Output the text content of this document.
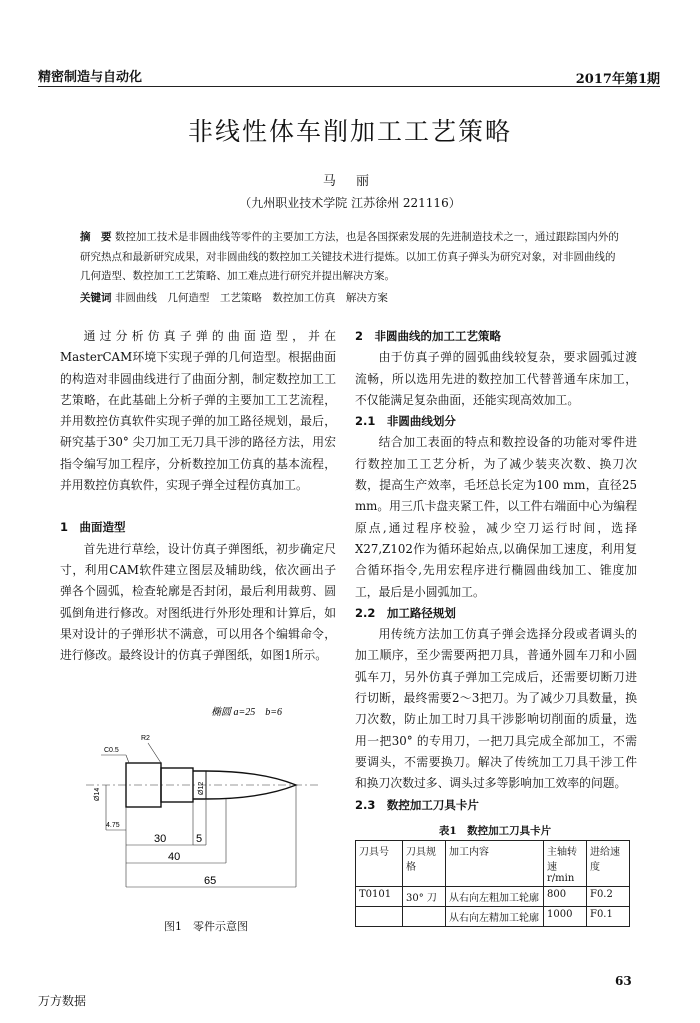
精密制造与自动化	2017年第1期
非线性体车削加工工艺策略
马 丽
（九州职业技术学院 江苏徐州 221116）
摘　要 数控加工技术是非圆曲线等零件的主要加工方法，也是各国探索发展的先进制造技术之一，通过跟踪国内外的研究热点和最新研究成果，对非圆曲线的数控加工关键技术进行提炼。以加工仿真子弹头为研究对象，对非圆曲线的几何造型、数控加工工艺策略、加工难点进行研究并提出解决方案。
关键词 非圆曲线　几何造型　工艺策略　数控加工仿真　解决方案

通过分析仿真子弹的曲面造型，并在MasterCAM环境下实现子弹的几何造型。根据曲面的构造对非圆曲线进行了曲面分割，制定数控加工工艺策略，在此基础上分析子弹的主要加工工艺流程，并用数控仿真软件实现子弹的加工路径规划，最后，研究基于30° 尖刀加工无刀具干涉的路径方法，用宏指令编写加工程序，分析数控加工仿真的基本流程，并用数控仿真软件，实现子弹全过程仿真加工。

1　曲面造型

首先进行草绘，设计仿真子弹图纸，初步确定尺寸，利用CAM软件建立图层及辅助线，依次画出子弹各个圆弧，检查轮廓是否封闭，最后利用裁剪、圆弧倒角进行修改。对图纸进行外形处理和计算后，如果对设计的子弹形状不满意，可以用各个编辑命令，进行修改。最终设计的仿真子弹图纸，如图1所示。

椭圆 a=25　b=6
C0.5
R2
Ø14	Ø12
4.75
30	5
40
65
图1　零件示意图

2　非圆曲线的加工工艺策略

由于仿真子弹的圆弧曲线较复杂，要求圆弧过渡流畅，所以选用先进的数控加工代替普通车床加工，不仅能满足复杂曲面，还能实现高效加工。

2.1　非圆曲线划分

结合加工表面的特点和数控设备的功能对零件进行数控加工工艺分析，为了减少装夹次数、换刀次数，提高生产效率，毛坯总长定为100 mm，直径25 mm。用三爪卡盘夹紧工件，以工件右端面中心为编程原点,通过程序校验，减少空刀运行时间，选择X27,Z102作为循环起始点,以确保加工速度，利用复合循环指令,先用宏程序进行椭圆曲线加工、锥度加工，最后是小圆弧加工。

2.2　加工路径规划

用传统方法加工仿真子弹会选择分段或者调头的加工顺序，至少需要两把刀具，普通外圆车刀和小圆弧车刀，另外仿真子弹加工完成后，还需要切断刀进行切断，最终需要2～3把刀。为了减少刀具数量，换刀次数，防止加工时刀具干涉影响切削面的质量，选用一把30° 的专用刀，一把刀具完成全部加工，不需要调头，不需要换刀。解决了传统加工刀具干涉工件和换刀次数过多、调头过多等影响加工效率的问题。

2.3　数控加工刀具卡片

表1　数控加工刀具卡片
刀具号	刀具规格	加工内容	主轴转速r/min	进给速度
T0101	30° 刀	从右向左粗加工轮廓	800	F0.2
		从右向左精加工轮廓	1000	F0.1
63
万方数据
